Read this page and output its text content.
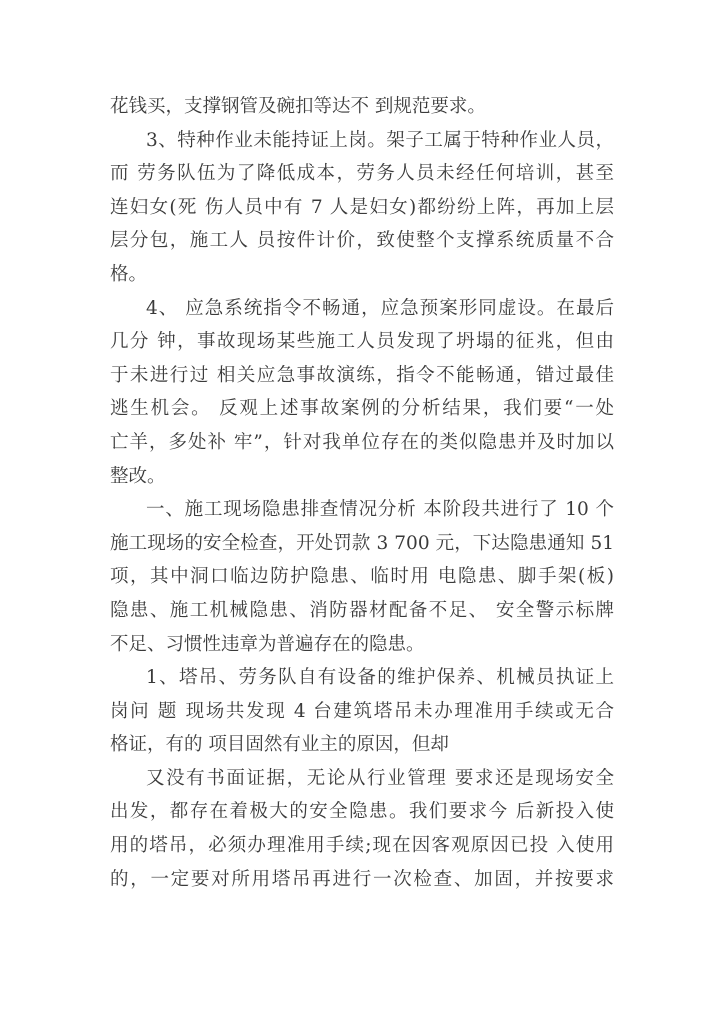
花钱买，支撑钢管及碗扣等达不 到规范要求。
3、特种作业未能持证上岗。架子工属于特种作业人员，
而 劳务队伍为了降低成本，劳务人员未经任何培训，甚至
连妇女(死 伤人员中有 7 人是妇女)都纷纷上阵，再加上层
层分包，施工人 员按件计价，致使整个支撑系统质量不合
格。
4、 应急系统指令不畅通，应急预案形同虚设。在最后
几分 钟，事故现场某些施工人员发现了坍塌的征兆，但由
于未进行过 相关应急事故演练，指令不能畅通，错过最佳
逃生机会。 反观上述事故案例的分析结果，我们要“一处
亡羊，多处补 牢”，针对我单位存在的类似隐患并及时加以
整改。
一、施工现场隐患排查情况分析 本阶段共进行了 10 个
施工现场的安全检查，开处罚款 3 700 元，下达隐患通知 51
项，其中洞口临边防护隐患、临时用 电隐患、脚手架(板)
隐患、施工机械隐患、消防器材配备不足、 安全警示标牌
不足、习惯性违章为普遍存在的隐患。
1、塔吊、劳务队自有设备的维护保养、机械员执证上
岗问 题 现场共发现 4 台建筑塔吊未办理准用手续或无合
格证，有的 项目固然有业主的原因，但却
又没有书面证据，无论从行业管理 要求还是现场安全
出发，都存在着极大的安全隐患。我们要求今 后新投入使
用的塔吊，必须办理准用手续;现在因客观原因已投 入使用
的，一定要对所用塔吊再进行一次检查、加固，并按要求
